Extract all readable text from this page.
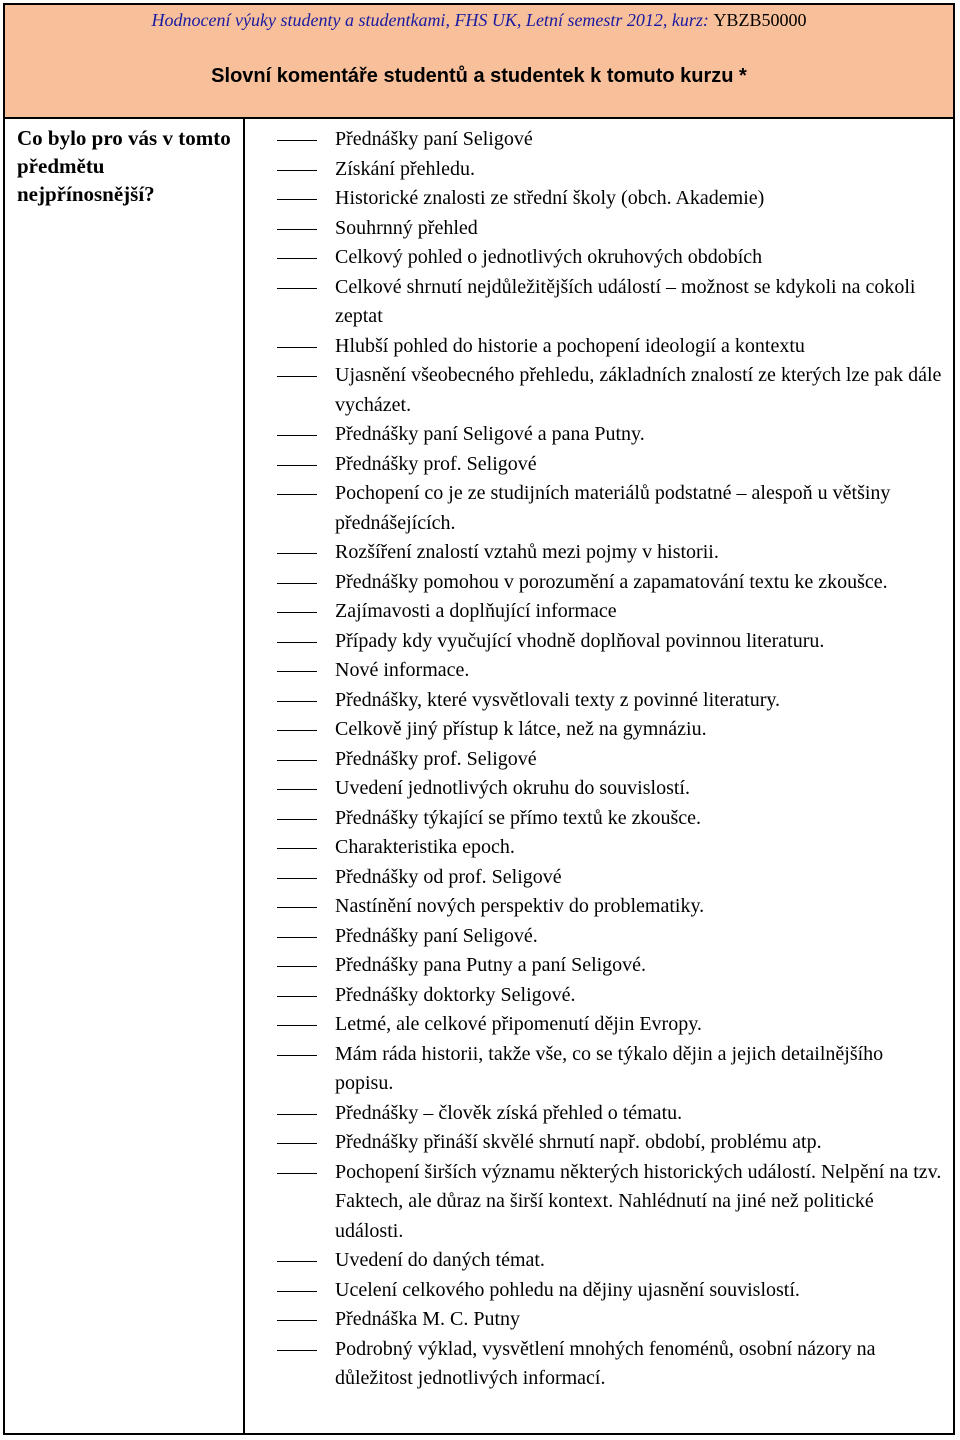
Hodnocení výuky studenty a studentkami, FHS UK, Letní semestr 2012, kurz: YBZB50000
Slovní komentáře studentů a studentek k tomuto kurzu *
Co bylo pro vás v tomto předmětu nejpřínosnější?
Přednášky paní Seligové
Získání přehledu.
Historické znalosti ze střední školy (obch. Akademie)
Souhrnný přehled
Celkový pohled o jednotlivých okruhových obdobích
Celkové shrnutí nejdůležitějších událostí – možnost se kdykoli na cokoli zeptat
Hlubší pohled do historie a pochopení ideologií a kontextu
Ujasnění všeobecného přehledu, základních znalostí ze kterých lze pak dále vycházet.
Přednášky paní Seligové a pana Putny.
Přednášky prof. Seligové
Pochopení co je ze studijních materiálů podstatné – alespoň u většiny přednášejících.
Rozšíření znalostí vztahů mezi pojmy v historii.
Přednášky pomohou v porozumění a zapamatování textu ke zkoušce.
Zajímavosti a doplňující informace
Případy kdy vyučující vhodně doplňoval povinnou literaturu.
Nové informace.
Přednášky, které vysvětlovali texty z povinné literatury.
Celkově jiný přístup k látce, než na gymnáziu.
Přednášky prof. Seligové
Uvedení jednotlivých okruhu do souvislostí.
Přednášky týkající se přímo textů ke zkoušce.
Charakteristika epoch.
Přednášky od prof. Seligové
Nastínění nových perspektiv do problematiky.
Přednášky paní Seligové.
Přednášky pana Putny a paní Seligové.
Přednášky doktorky Seligové.
Letmé, ale celkové připomenutí dějin Evropy.
Mám ráda historii, takže vše, co se týkalo dějin a jejich detailnějšího popisu.
Přednášky – člověk získá přehled o tématu.
Přednášky přináší skvělé shrnutí např. období, problému atp.
Pochopení širších významu některých historických událostí. Nelpění na tzv. Faktech, ale důraz na širší kontext. Nahlédnutí na jiné než politické události.
Uvedení do daných témat.
Ucelení celkového pohledu na dějiny ujasnění souvislostí.
Přednáška M. C. Putny
Podrobný výklad, vysvětlení mnohých fenoménů, osobní názory na důležitost jednotlivých informací.
